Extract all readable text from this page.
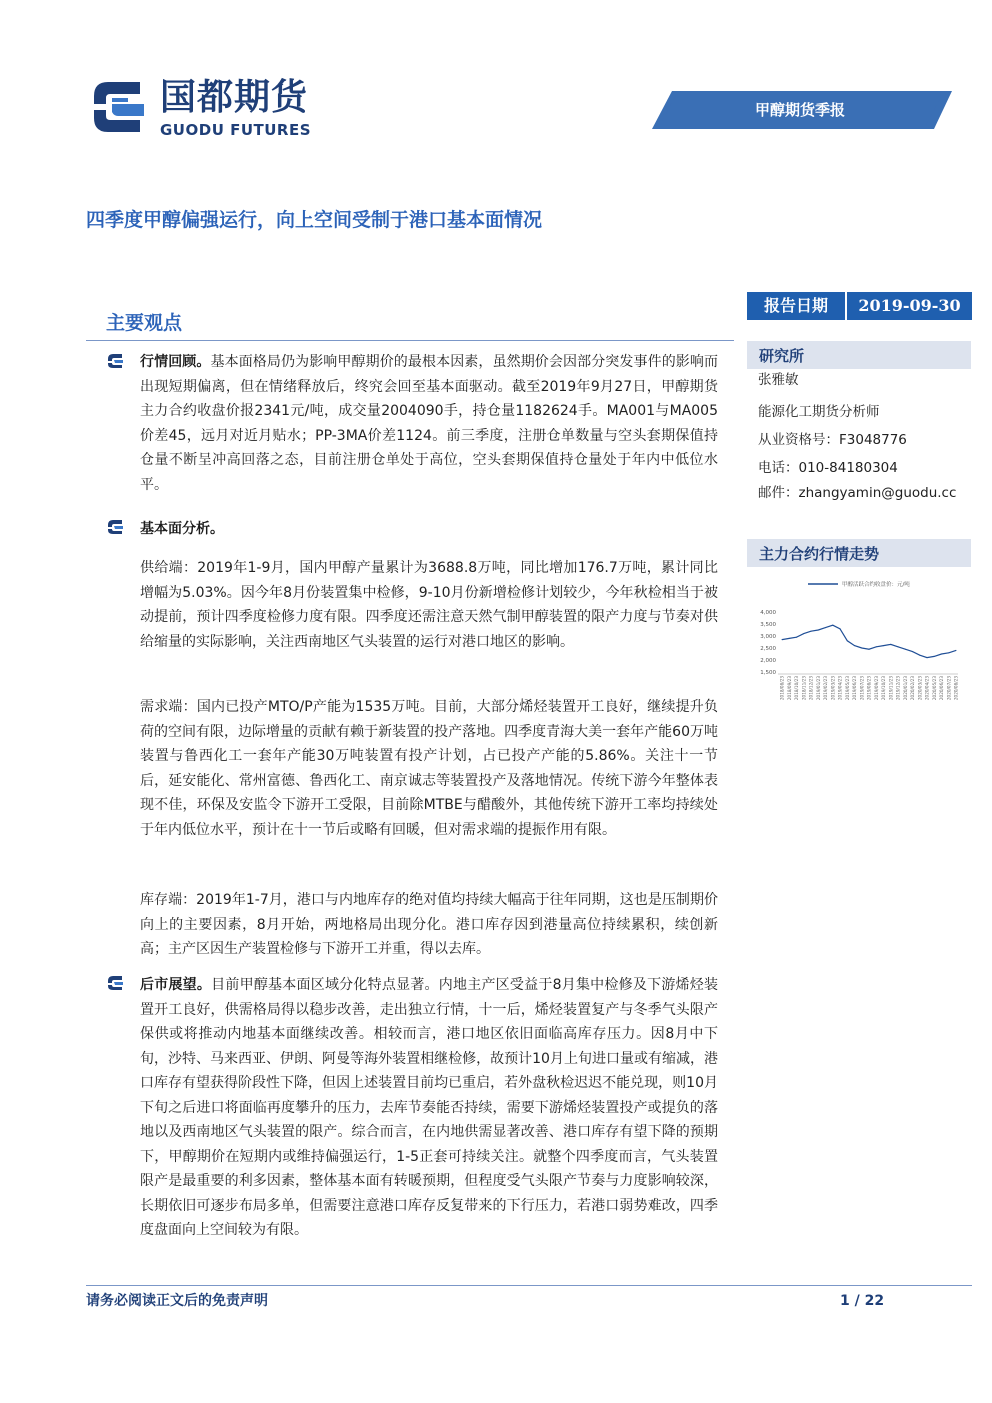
国都期货
GUODU FUTURES
甲醇期货季报
四季度甲醇偏强运行，向上空间受制于港口基本面情况
报告日期	2019-09-30
主要观点
行情回顾。基本面格局仍为影响甲醇期价的最根本因素，虽然期价会因部分突发事件的影响而出现短期偏离，但在情绪释放后，终究会回至基本面驱动。截至2019年9月27日，甲醇期货主力合约收盘价报2341元/吨，成交量2004090手，持仓量1182624手。MA001与MA005价差45，远月对近月贴水；PP-3MA价差1124。前三季度，注册仓单数量与空头套期保值持仓量不断呈冲高回落之态，目前注册仓单处于高位，空头套期保值持仓量处于年内中低位水平。
基本面分析。
供给端：2019年1-9月，国内甲醇产量累计为3688.8万吨，同比增加176.7万吨，累计同比增幅为5.03%。因今年8月份装置集中检修，9-10月份新增检修计划较少，今年秋检相当于被动提前，预计四季度检修力度有限。四季度还需注意天然气制甲醇装置的限产力度与节奏对供给缩量的实际影响，关注西南地区气头装置的运行对港口地区的影响。
需求端：国内已投产MTO/P产能为1535万吨。目前，大部分烯烃装置开工良好，继续提升负荷的空间有限，边际增量的贡献有赖于新装置的投产落地。四季度青海大美一套年产能60万吨装置与鲁西化工一套年产能30万吨装置有投产计划，占已投产产能的5.86%。关注十一节后，延安能化、常州富德、鲁西化工、南京诚志等装置投产及落地情况。传统下游今年整体表现不佳，环保及安监令下游开工受限，目前除MTBE与醋酸外，其他传统下游开工率均持续处于年内低位水平，预计在十一节后或略有回暖，但对需求端的提振作用有限。
库存端：2019年1-7月，港口与内地库存的绝对值均持续大幅高于往年同期，这也是压制期价向上的主要因素，8月开始，两地格局出现分化。港口库存因到港量高位持续累积，续创新高；主产区因生产装置检修与下游开工并重，得以去库。
后市展望。目前甲醇基本面区域分化特点显著。内地主产区受益于8月集中检修及下游烯烃装置开工良好，供需格局得以稳步改善，走出独立行情，十一后，烯烃装置复产与冬季气头限产保供或将推动内地基本面继续改善。相较而言，港口地区依旧面临高库存压力。因8月中下旬，沙特、马来西亚、伊朗、阿曼等海外装置相继检修，故预计10月上旬进口量或有缩减，港口库存有望获得阶段性下降，但因上述装置目前均已重启，若外盘秋检迟迟不能兑现，则10月下旬之后进口将面临再度攀升的压力，去库节奏能否持续，需要下游烯烃装置投产或提负的落地以及西南地区气头装置的限产。综合而言，在内地供需显著改善、港口库存有望下降的预期下，甲醇期价在短期内或维持偏强运行，1-5正套可持续关注。就整个四季度而言，气头装置限产是最重要的利多因素，整体基本面有转暖预期，但程度受气头限产节奏与力度影响较深，长期依旧可逐步布局多单，但需要注意港口库存反复带来的下行压力，若港口弱势难改，四季度盘面向上空间较为有限。
研究所
张雅敏
能源化工期货分析师
从业资格号：F3048776
电话：010-84180304
邮件：zhangyamin@guodu.cc
主力合约行情走势
甲醇活跃合约收盘价：元/吨
4,000
3,500
3,000
2,500
2,000
1,500
2018/08/23 2018/09/23 2018/10/23 2018/11/23 2018/12/23 2019/01/23 2019/02/23 2019/03/23 2019/04/23 2019/05/23 2019/06/23 2019/07/23 2019/08/23 2019/09/23 2019/10/23 2019/11/23 2019/12/23 2020/01/23 2020/02/23 2020/03/23 2020/04/23 2020/05/23 2020/06/23 2020/07/23 2020/08/23
请务必阅读正文后的免责声明	1 / 22
